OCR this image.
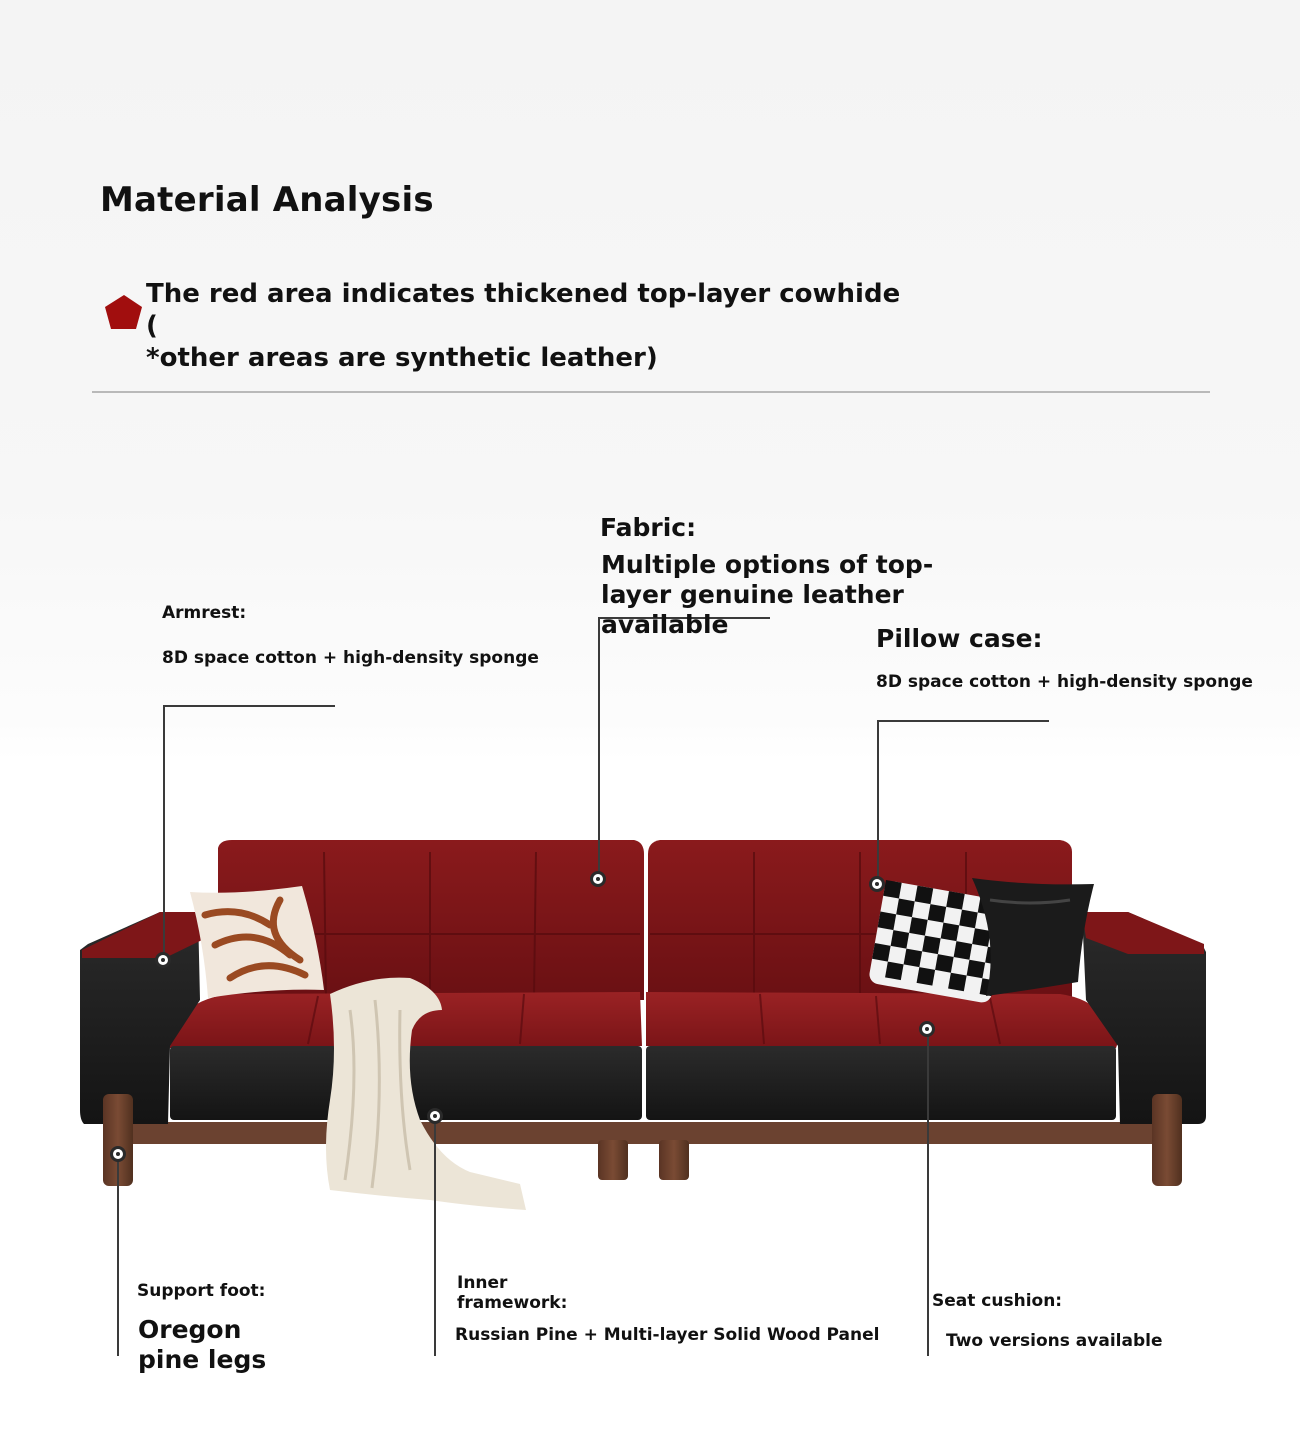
Material Analysis
The red area indicates thickened top-layer cowhide (
*other areas are synthetic leather)
Fabric:
Multiple options of top-layer genuine leather available
Armrest:
8D space cotton + high-density sponge
Pillow case:
8D space cotton + high-density sponge
Support foot:
Oregon pine legs
Inner framework:
Russian Pine + Multi-layer Solid Wood Panel
Seat cushion:
Two versions available
